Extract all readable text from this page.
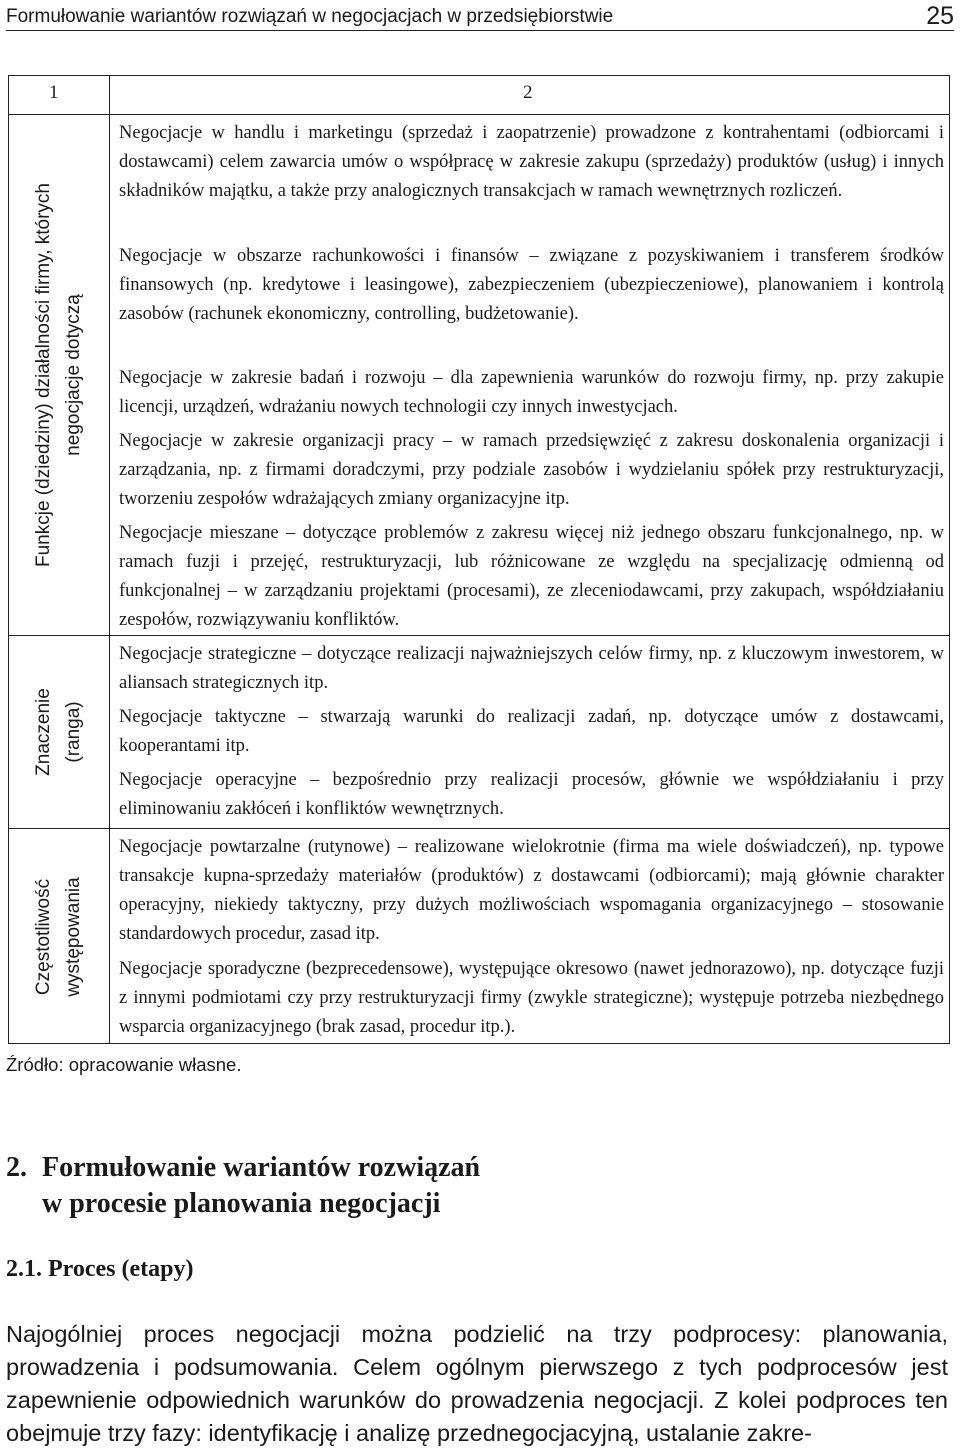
Formułowanie wariantów rozwiązań w negocjacjach w przedsiębiorstwie	25
1	2
Funkcje (dziedziny) działalności firmy, których negocjacje dotyczą

Negocjacje w handlu i marketingu (sprzedaż i zaopatrzenie) prowadzone z kontrahentami (odbiorcami i dostawcami) celem zawarcia umów o współpracę w zakresie zakupu (sprzedaży) produktów (usług) i innych składników majątku, a także przy analogicznych transakcjach w ramach wewnętrznych rozliczeń.

Negocjacje w obszarze rachunkowości i finansów – związane z pozyskiwaniem i transferem środków finansowych (np. kredytowe i leasingowe), zabezpieczeniem (ubezpieczeniowe), planowaniem i kontrolą zasobów (rachunek ekonomiczny, controlling, budżetowanie).

Negocjacje w zakresie badań i rozwoju – dla zapewnienia warunków do rozwoju firmy, np. przy zakupie licencji, urządzeń, wdrażaniu nowych technologii czy innych inwestycjach.

Negocjacje w zakresie organizacji pracy – w ramach przedsięwzięć z zakresu doskonalenia organizacji i zarządzania, np. z firmami doradczymi, przy podziale zasobów i wydzielaniu spółek przy restrukturyzacji, tworzeniu zespołów wdrażających zmiany organizacyjne itp.

Negocjacje mieszane – dotyczące problemów z zakresu więcej niż jednego obszaru funkcjonalnego, np. w ramach fuzji i przejęć, restrukturyzacji, lub różnicowane ze względu na specjalizację odmienną od funkcjonalnej – w zarządzaniu projektami (procesami), ze zleceniodawcami, przy zakupach, współdziałaniu zespołów, rozwiązywaniu konfliktów.

Znaczenie (ranga)

Negocjacje strategiczne – dotyczące realizacji najważniejszych celów firmy, np. z kluczowym inwestorem, w aliansach strategicznych itp.

Negocjacje taktyczne – stwarzają warunki do realizacji zadań, np. dotyczące umów z dostawcami, kooperantami itp.

Negocjacje operacyjne – bezpośrednio przy realizacji procesów, głównie we współdziałaniu i przy eliminowaniu zakłóceń i konfliktów wewnętrznych.

Częstotliwość występowania

Negocjacje powtarzalne (rutynowe) – realizowane wielokrotnie (firma ma wiele doświadczeń), np. typowe transakcje kupna-sprzedaży materiałów (produktów) z dostawcami (odbiorcami); mają głównie charakter operacyjny, niekiedy taktyczny, przy dużych możliwościach wspomagania organizacyjnego – stosowanie standardowych procedur, zasad itp.

Negocjacje sporadyczne (bezprecedensowe), występujące okresowo (nawet jednorazowo), np. dotyczące fuzji z innymi podmiotami czy przy restrukturyzacji firmy (zwykle strategiczne); występuje potrzeba niezbędnego wsparcia organizacyjnego (brak zasad, procedur itp.).

Źródło: opracowanie własne.
2. Formułowanie wariantów rozwiązań
w procesie planowania negocjacji
2.1. Proces (etapy)

Najogólniej proces negocjacji można podzielić na trzy podprocesy: planowania, prowadzenia i podsumowania. Celem ogólnym pierwszego z tych podprocesów jest zapewnienie odpowiednich warunków do prowadzenia negocjacji. Z kolei podproces ten obejmuje trzy fazy: identyfikację i analizę przednegocjacyjną, ustalanie zakre-
